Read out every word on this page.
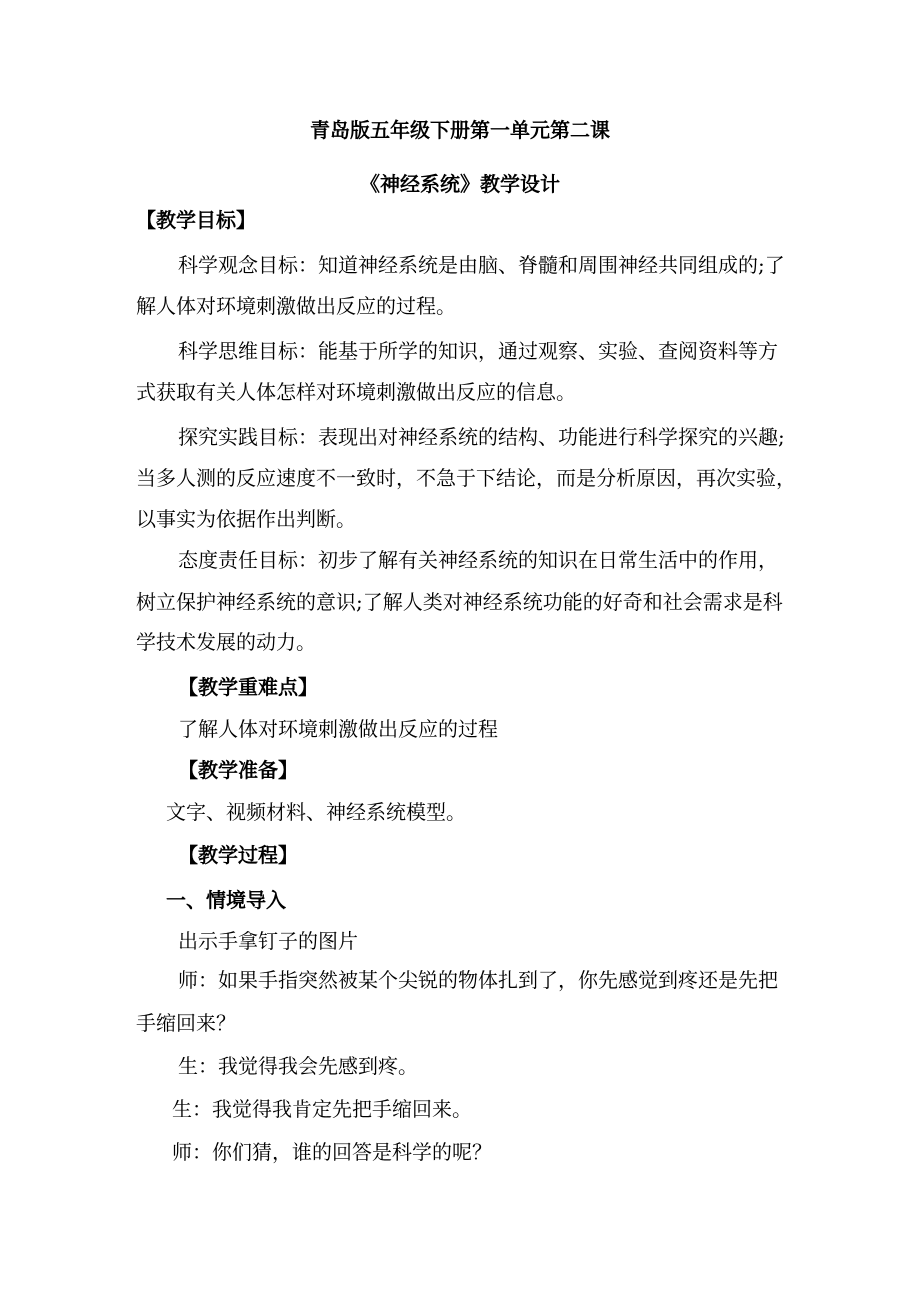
青岛版五年级下册第一单元第二课
《神经系统》教学设计
【教学目标】
科学观念目标：知道神经系统是由脑、脊髓和周围神经共同组成的;了
解人体对环境刺激做出反应的过程。
科学思维目标：能基于所学的知识，通过观察、实验、查阅资料等方
式获取有关人体怎样对环境刺激做出反应的信息。
探究实践目标：表现出对神经系统的结构、功能进行科学探究的兴趣;
当多人测的反应速度不一致时，不急于下结论，而是分析原因，再次实验，
以事实为依据作出判断。
态度责任目标：初步了解有关神经系统的知识在日常生活中的作用，
树立保护神经系统的意识;了解人类对神经系统功能的好奇和社会需求是科
学技术发展的动力。
【教学重难点】
了解人体对环境刺激做出反应的过程
【教学准备】
文字、视频材料、神经系统模型。
【教学过程】
一、情境导入
出示手拿钉子的图片
师：如果手指突然被某个尖锐的物体扎到了，你先感觉到疼还是先把
手缩回来？
生：我觉得我会先感到疼。
生：我觉得我肯定先把手缩回来。
师：你们猜，谁的回答是科学的呢？
